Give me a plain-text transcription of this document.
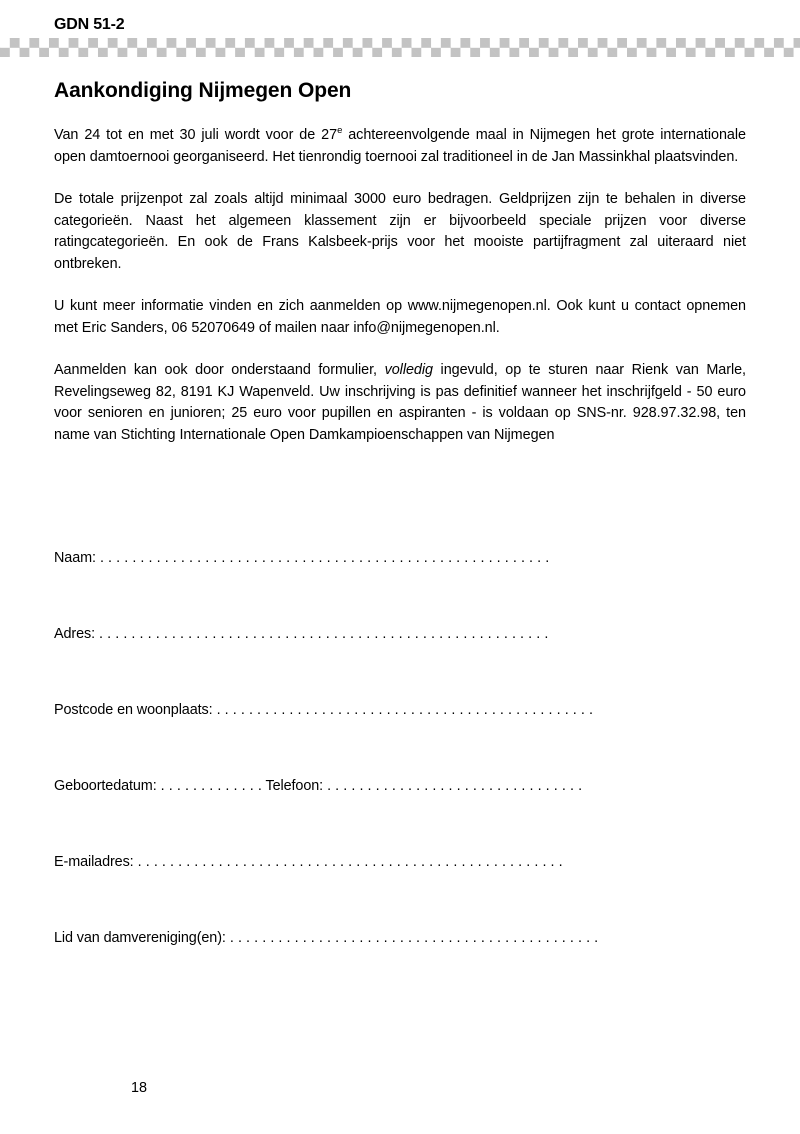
GDN 51-2
Aankondiging Nijmegen Open

Van 24 tot en met 30 juli wordt voor de 27e achtereenvolgende maal in Nijmegen het grote internationale open damtoernooi georganiseerd. Het tienrondig toernooi zal traditioneel in de Jan Massinkhal plaatsvinden.

De totale prijzenpot zal zoals altijd minimaal 3000 euro bedragen. Geldprijzen zijn te behalen in diverse categorieën. Naast het algemeen klassement zijn er bijvoorbeeld speciale prijzen voor diverse ratingcategorieën. En ook de Frans Kalsbeek-prijs voor het mooiste partijfragment zal uiteraard niet ontbreken.

U kunt meer informatie vinden en zich aanmelden op www.nijmegenopen.nl. Ook kunt u contact opnemen met Eric Sanders, 06 52070649 of mailen naar info@nijmegenopen.nl.

Aanmelden kan ook door onderstaand formulier, volledig ingevuld, op te sturen naar Rienk van Marle, Revelingseweg 82, 8191 KJ Wapenveld. Uw inschrijving is pas definitief wanneer het inschrijfgeld - 50 euro voor senioren en junioren; 25 euro voor pupillen en aspiranten - is voldaan op SNS-nr. 928.97.32.98, ten name van Stichting Internationale Open Damkampioenschappen van Nijmegen

Naam: . . . . . . . . . . . . . . . . . . . . . . . . . . . . . . . . . . . . . . . . . . . . . . . . . . . . . . . .
Adres: . . . . . . . . . . . . . . . . . . . . . . . . . . . . . . . . . . . . . . . . . . . . . . . . . . . . . . . .
Postcode en woonplaats: . . . . . . . . . . . . . . . . . . . . . . . . . . . . . . . . . . . . . . . . . . . . . . .
Geboortedatum: . . . . . . . . . . . . . Telefoon: . . . . . . . . . . . . . . . . . . . . . . . . . . . . . . . .
E-mailadres: . . . . . . . . . . . . . . . . . . . . . . . . . . . . . . . . . . . . . . . . . . . . . . . . . . . . .
Lid van damvereniging(en): . . . . . . . . . . . . . . . . . . . . . . . . . . . . . . . . . . . . . . . . . . . . . .
18
